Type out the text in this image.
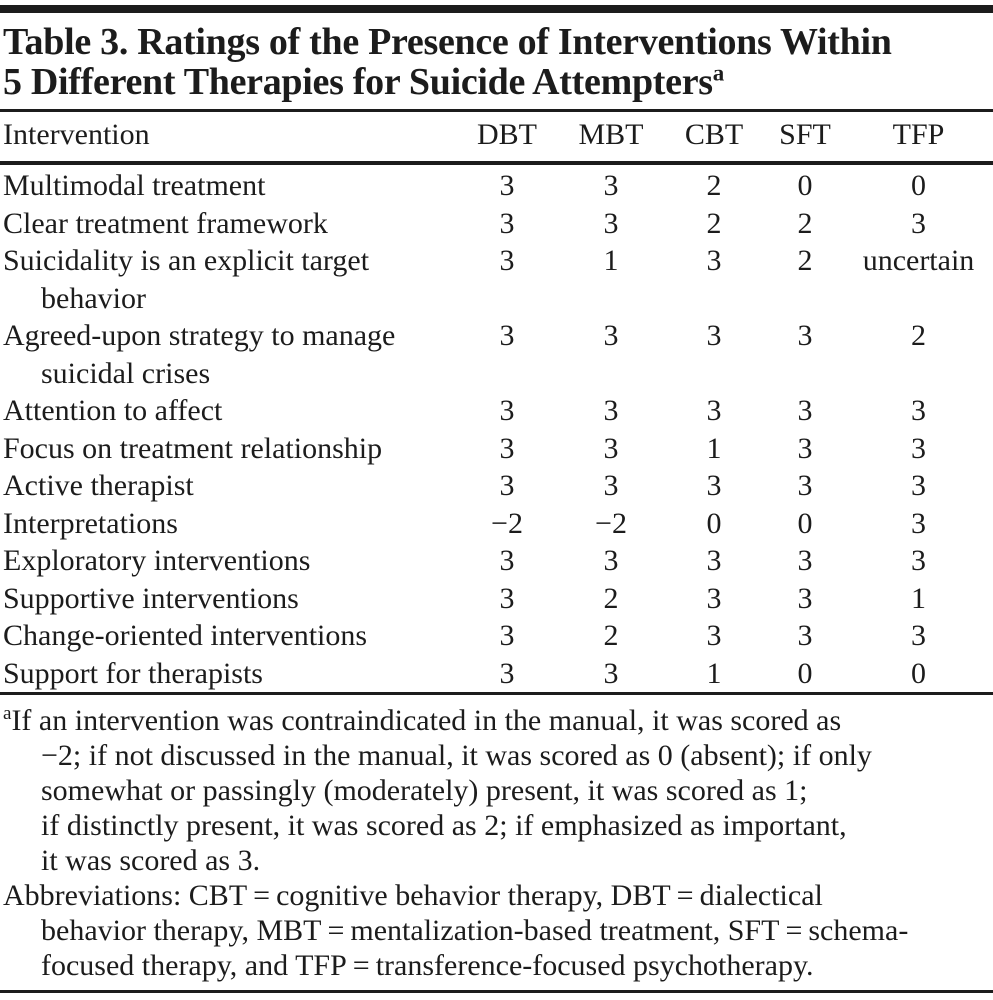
Table 3. Ratings of the Presence of Interventions Within
5 Different Therapies for Suicide Attempters$^a$
Intervention	DBT	MBT	CBT	SFT	TFP
Multimodal treatment	3	3	2	0	0
Clear treatment framework	3	3	2	2	3
Suicidality is an explicit target
behavior	3	1	3	2	uncertain
Agreed-upon strategy to manage
suicidal crises	3	3	3	3	2
Attention to affect	3	3	3	3	3
Focus on treatment relationship	3	3	1	3	3
Active therapist	3	3	3	3	3
Interpretations	−2	−2	0	0	3
Exploratory interventions	3	3	3	3	3
Supportive interventions	3	2	3	3	1
Change-oriented interventions	3	2	3	3	3
Support for therapists	3	3	1	0	0
$^a$If an intervention was contraindicated in the manual, it was scored as
−2; if not discussed in the manual, it was scored as 0 (absent); if only
somewhat or passingly (moderately) present, it was scored as 1;
if distinctly present, it was scored as 2; if emphasized as important,
it was scored as 3.
Abbreviations: CBT = cognitive behavior therapy, DBT = dialectical
behavior therapy, MBT = mentalization-based treatment, SFT = schema-
focused therapy, and TFP = transference-focused psychotherapy.
